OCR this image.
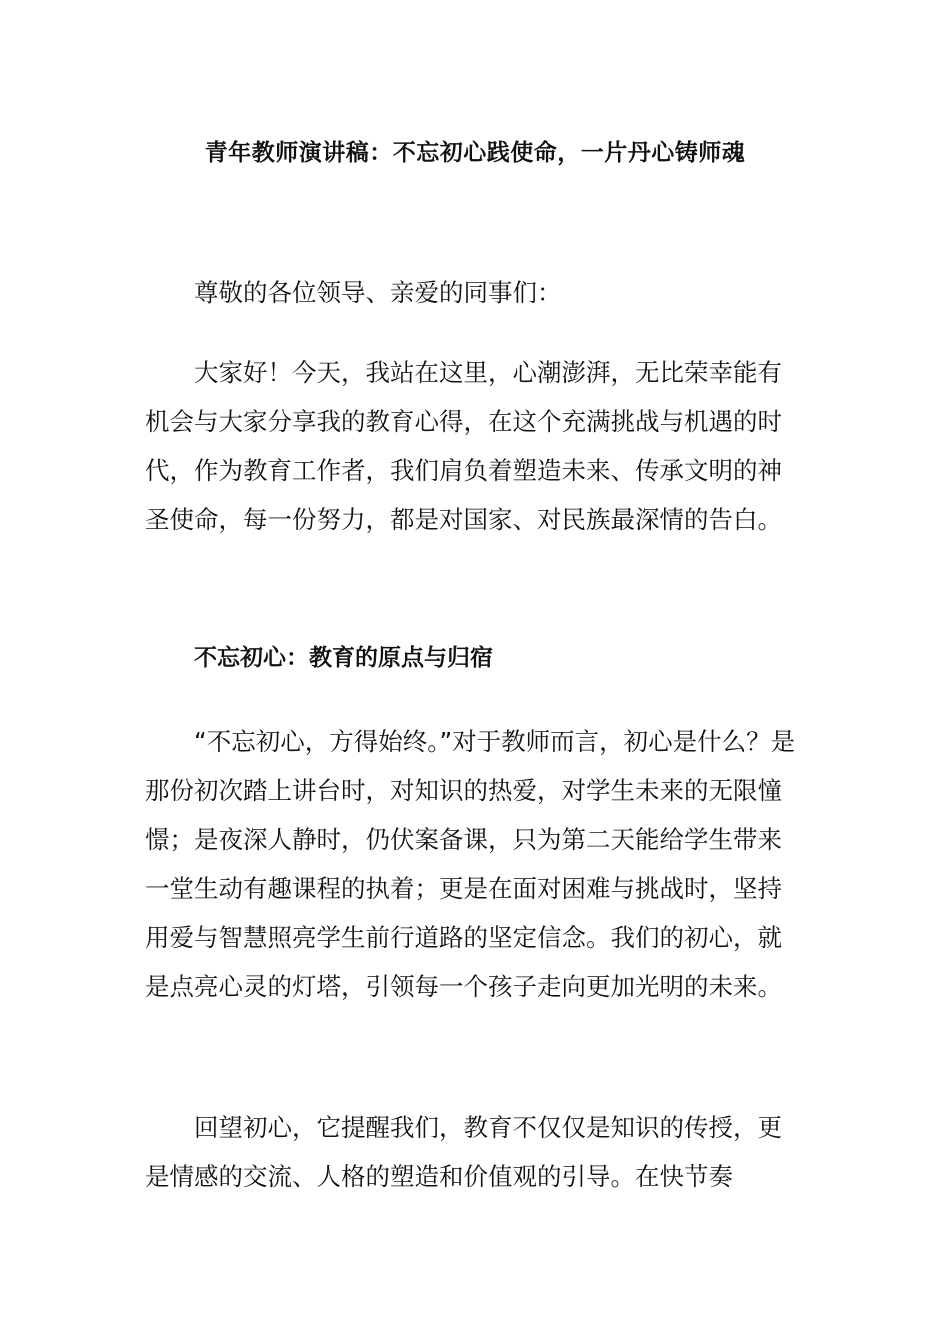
青年教师演讲稿：不忘初心践使命，一片丹心铸师魂

尊敬的各位领导、亲爱的同事们：

大家好！今天，我站在这里，心潮澎湃，无比荣幸能有机会与大家分享我的教育心得，在这个充满挑战与机遇的时代，作为教育工作者，我们肩负着塑造未来、传承文明的神圣使命，每一份努力，都是对国家、对民族最深情的告白。

不忘初心：教育的原点与归宿

“不忘初心，方得始终。”对于教师而言，初心是什么？是那份初次踏上讲台时，对知识的热爱，对学生未来的无限憧憬；是夜深人静时，仍伏案备课，只为第二天能给学生带来一堂生动有趣课程的执着；更是在面对困难与挑战时，坚持用爱与智慧照亮学生前行道路的坚定信念。我们的初心，就是点亮心灵的灯塔，引领每一个孩子走向更加光明的未来。

回望初心，它提醒我们，教育不仅仅是知识的传授，更是情感的交流、人格的塑造和价值观的引导。在快节奏
